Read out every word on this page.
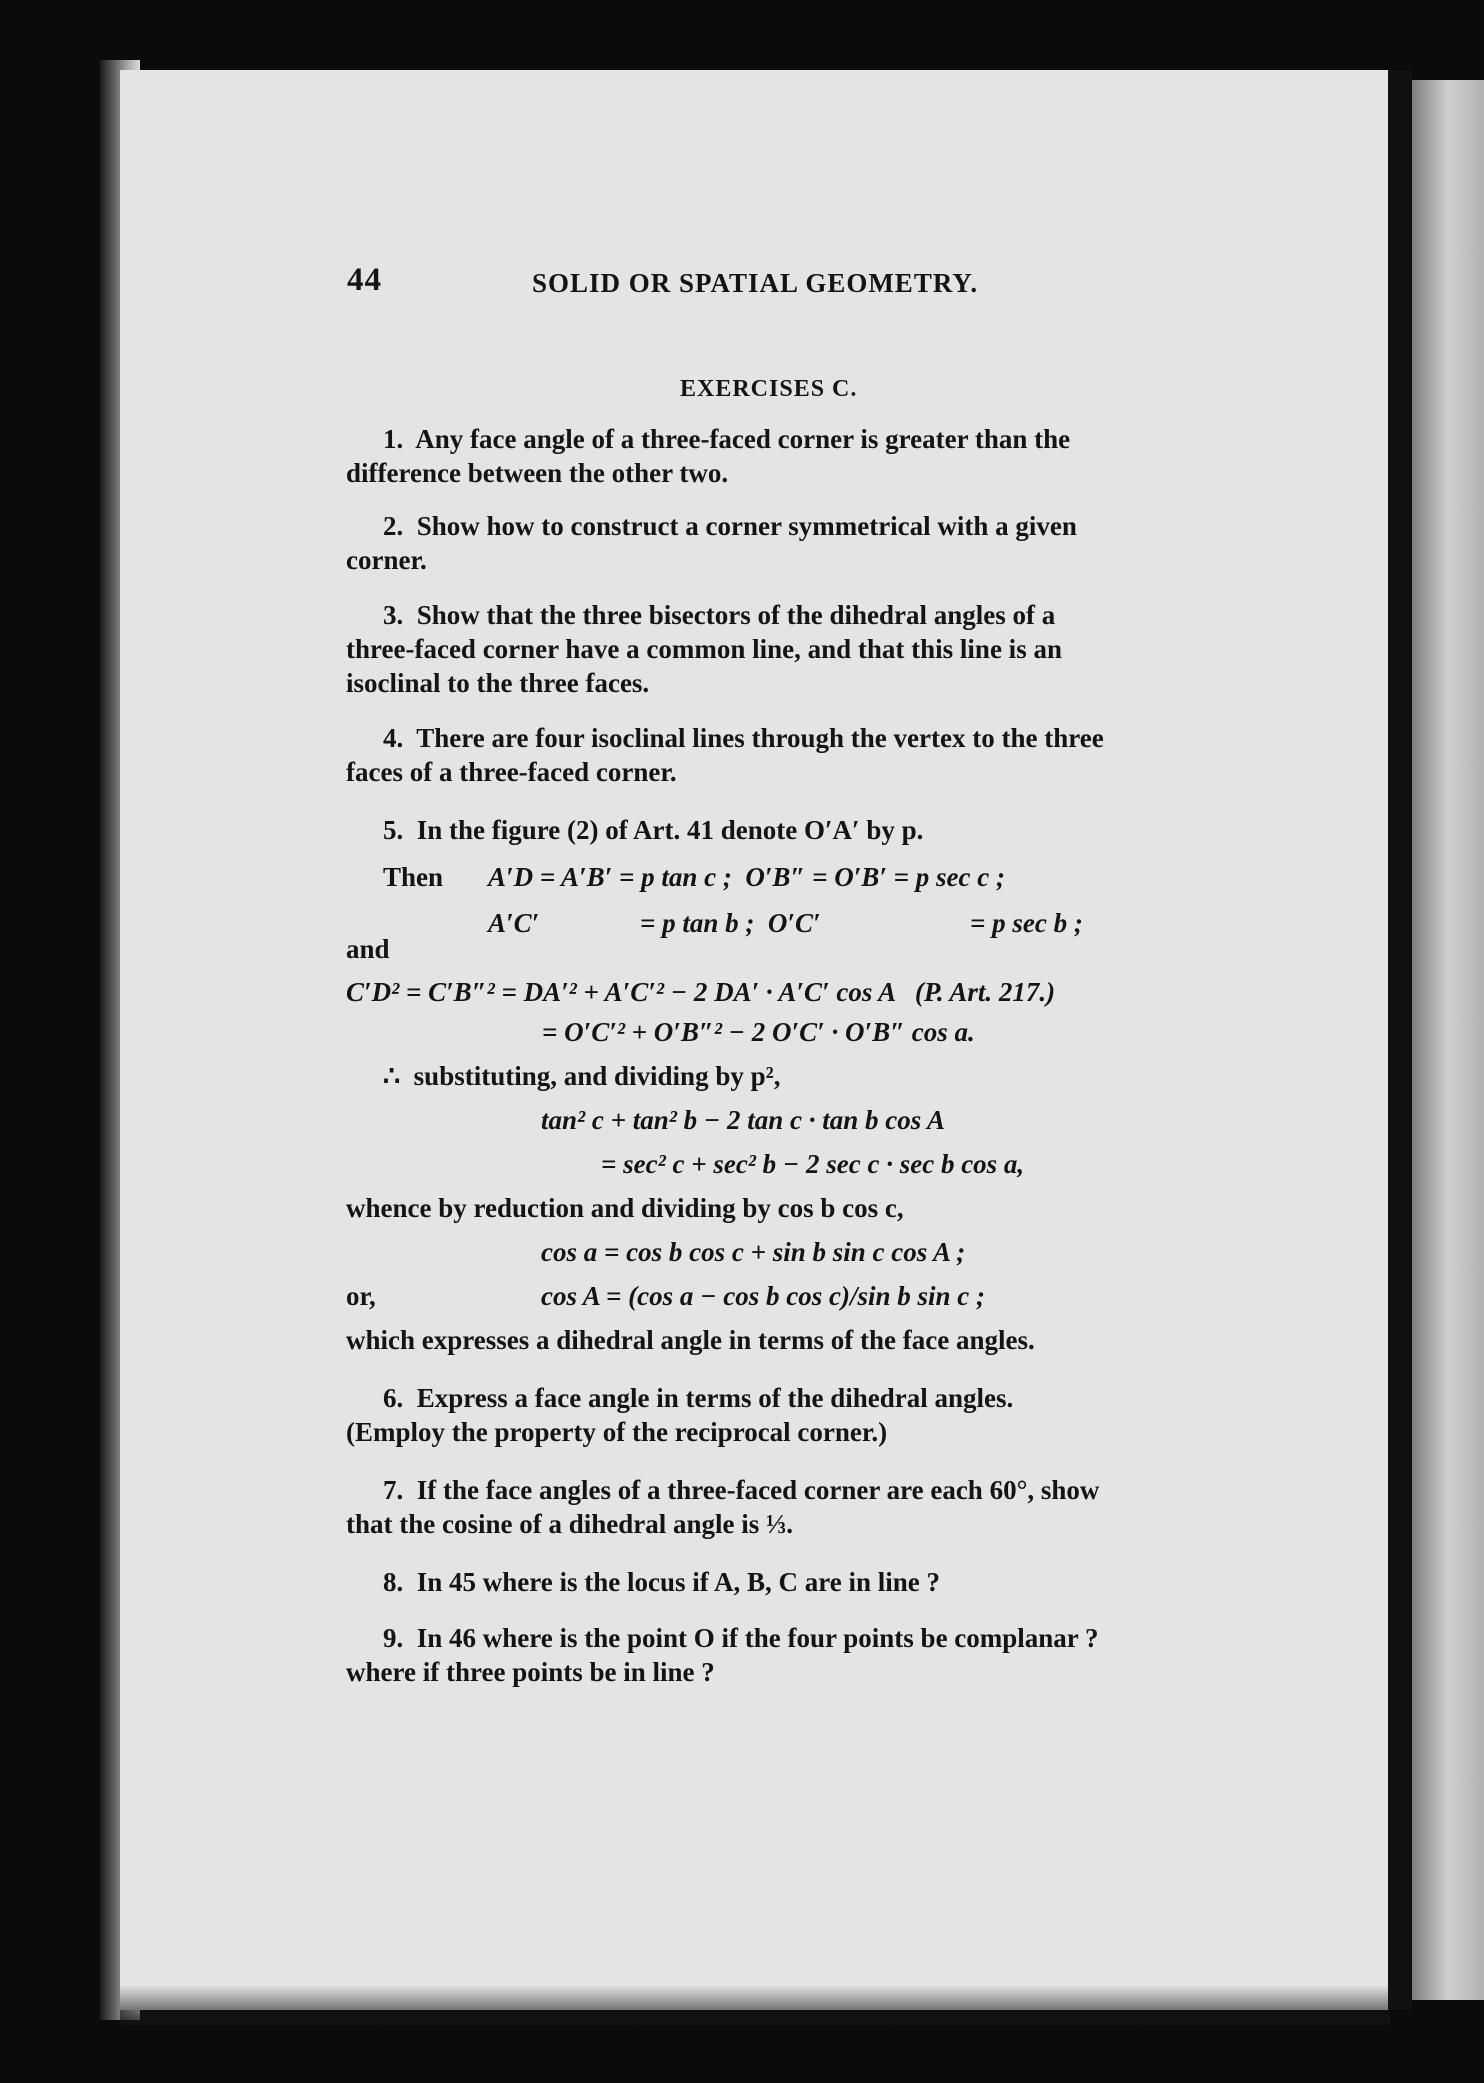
44	SOLID OR SPATIAL GEOMETRY.
EXERCISES C.
1.  Any face angle of a three-faced corner is greater than the
difference between the other two.
2.  Show how to construct a corner symmetrical with a given
corner.
3.  Show that the three bisectors of the dihedral angles of a
three-faced corner have a common line, and that this line is an
isoclinal to the three faces.
4.  There are four isoclinal lines through the vertex to the three
faces of a three-faced corner.
5.  In the figure (2) of Art. 41 denote O′A′ by p.
Then A′D = A′B′ = p tan c ;  O′B″ = O′B′ = p sec c ;
A′C′	= p tan b ;  O′C′	= p sec b ;
and
C′D² = C′B″² = DA′² + A′C′² − 2 DA′ · A′C′ cos A   (P. Art. 217.)
= O′C′² + O′B″² − 2 O′C′ · O′B″ cos a.
∴  substituting, and dividing by p²,
tan² c + tan² b − 2 tan c · tan b cos A
= sec² c + sec² b − 2 sec c · sec b cos a,
whence by reduction and dividing by cos b cos c,
cos a = cos b cos c + sin b sin c cos A ;
or,	cos A = (cos a − cos b cos c)/sin b sin c ;
which expresses a dihedral angle in terms of the face angles.
6.  Express a face angle in terms of the dihedral angles.
(Employ the property of the reciprocal corner.)
7.  If the face angles of a three-faced corner are each 60°, show
that the cosine of a dihedral angle is ⅓.
8.  In 45 where is the locus if A, B, C are in line ?
9.  In 46 where is the point O if the four points be complanar ?
where if three points be in line ?
